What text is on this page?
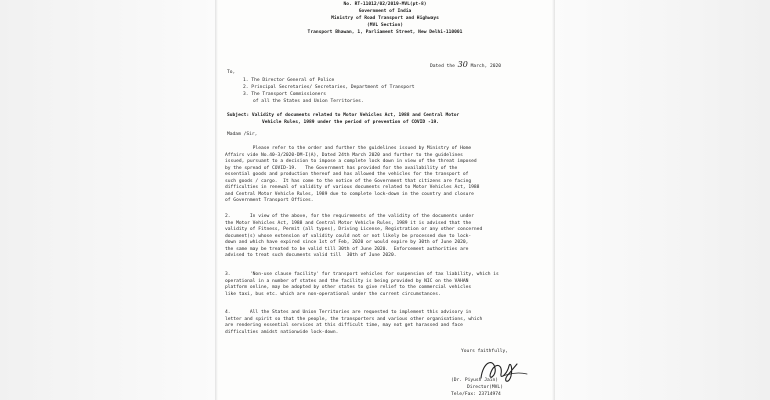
No. RT-11012/02/2019-MVL(pt-8)
Government of India
Ministry of Road Transport and Highways
(MVL Section)
Transport Bhawan, 1, Parliament Street, New Delhi-110001
Dated the 30 March, 2020
To,
1. The Director General of Police
2. Principal Secretaries/ Secretaries, Department of Transport
3. The Transport Commissioners
of all the States and Union Territories.
Subject: Validity of documents related to Motor Vehicles Act, 1988 and Central Motor
Vehicle Rules, 1989 under the period of prevention of COVID -19.
Madam /Sir,
Please refer to the order and further the guidelines issued by Ministry of Home
Affairs vide No.40-3/2020-DM-I(A), Dated 24th March 2020 and further to the guidelines
issued, pursuant to a decision to impose a complete lock down in view of the threat imposed
by the spread of COVID-19.   The Government has provided for the availability of the
essential goods and production thereof and has allowed the vehicles for the transport of
such goods / cargo.  It has come to the notice of the Government that citizens are facing
difficulties in renewal of validity of various documents related to Motor Vehicles Act, 1988
and Central Motor Vehicle Rules, 1989 due to complete lock-down in the country and closure
of Government Transport Offices.
2.       In view of the above, for the requirements of the validity of the documents under
the Motor Vehicles Act, 1988 and Central Motor Vehicle Rules, 1989 it is advised that the
validity of Fitness, Permit (all types), Driving License, Registration or any other concerned
document(s) whose extension of validity could not or not likely be processed due to lock-
down and which have expired since 1st of Feb, 2020 or would expire by 30th of June 2020,
the same may be treated to be valid till 30th of June 2020.  Enforcement authorities are
advised to treat such documents valid till  30th of June 2020.
3.       'Non-use clause facility' for transport vehicles for suspension of tax liability, which is
operational in a number of states and the facility is being provided by NIC on the VAHAN
platform online, may be adopted by other states to give relief to the commercial vehicles
like taxi, bus etc. which are non-operational under the current circumstances.
4.       All the States and Union Territories are requested to implement this advisory in
letter and spirit so that the people, the transporters and various other organisations, which
are rendering essential services at this difficult time, may not get harassed and face
difficulties amidst nationwide lock-down.
Yours faithfully,
(Dr. Piyush Jain)
Director(MVL)
Tele/Fax: 23714974
